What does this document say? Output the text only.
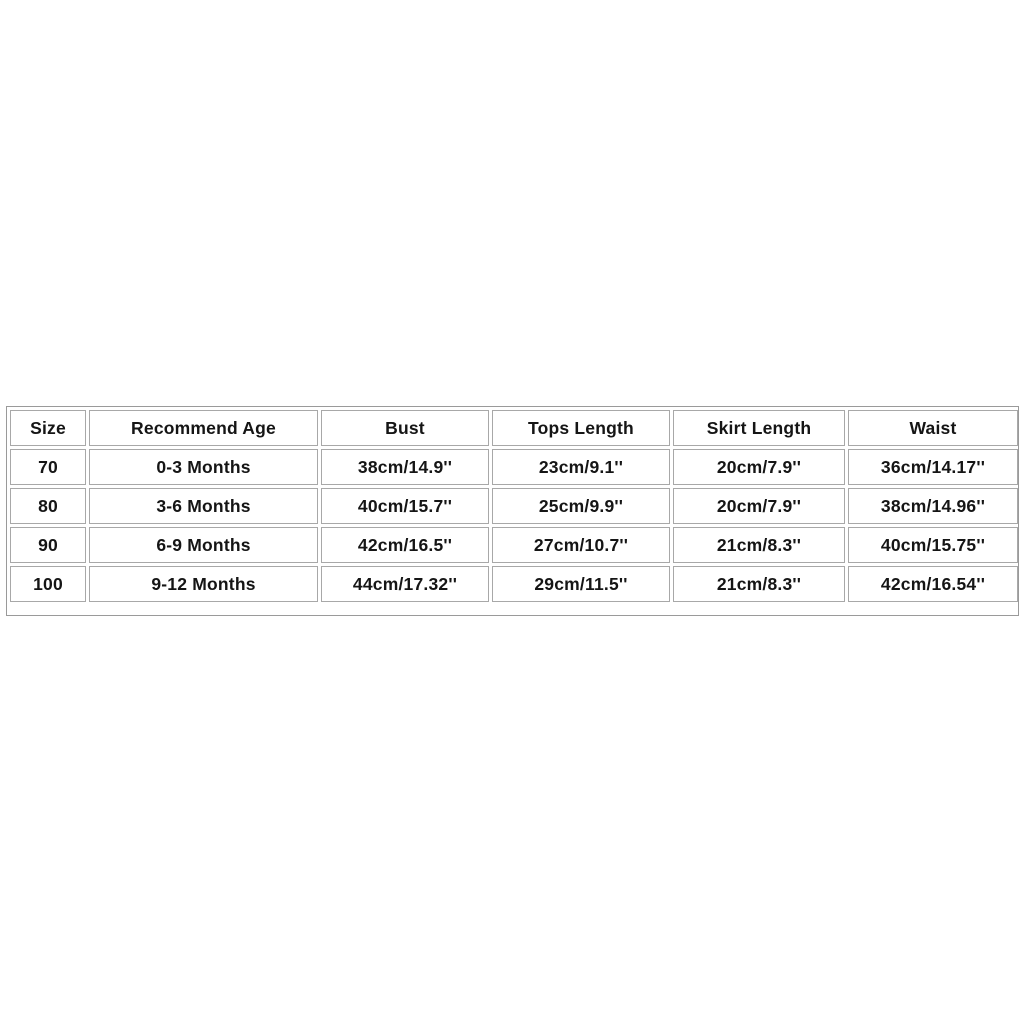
Size	Recommend Age	Bust	Tops Length	Skirt Length	Waist
70	0-3 Months	38cm/14.9''	23cm/9.1''	20cm/7.9''	36cm/14.17''
80	3-6 Months	40cm/15.7''	25cm/9.9''	20cm/7.9''	38cm/14.96''
90	6-9 Months	42cm/16.5''	27cm/10.7''	21cm/8.3''	40cm/15.75''
100	9-12 Months	44cm/17.32''	29cm/11.5''	21cm/8.3''	42cm/16.54''
